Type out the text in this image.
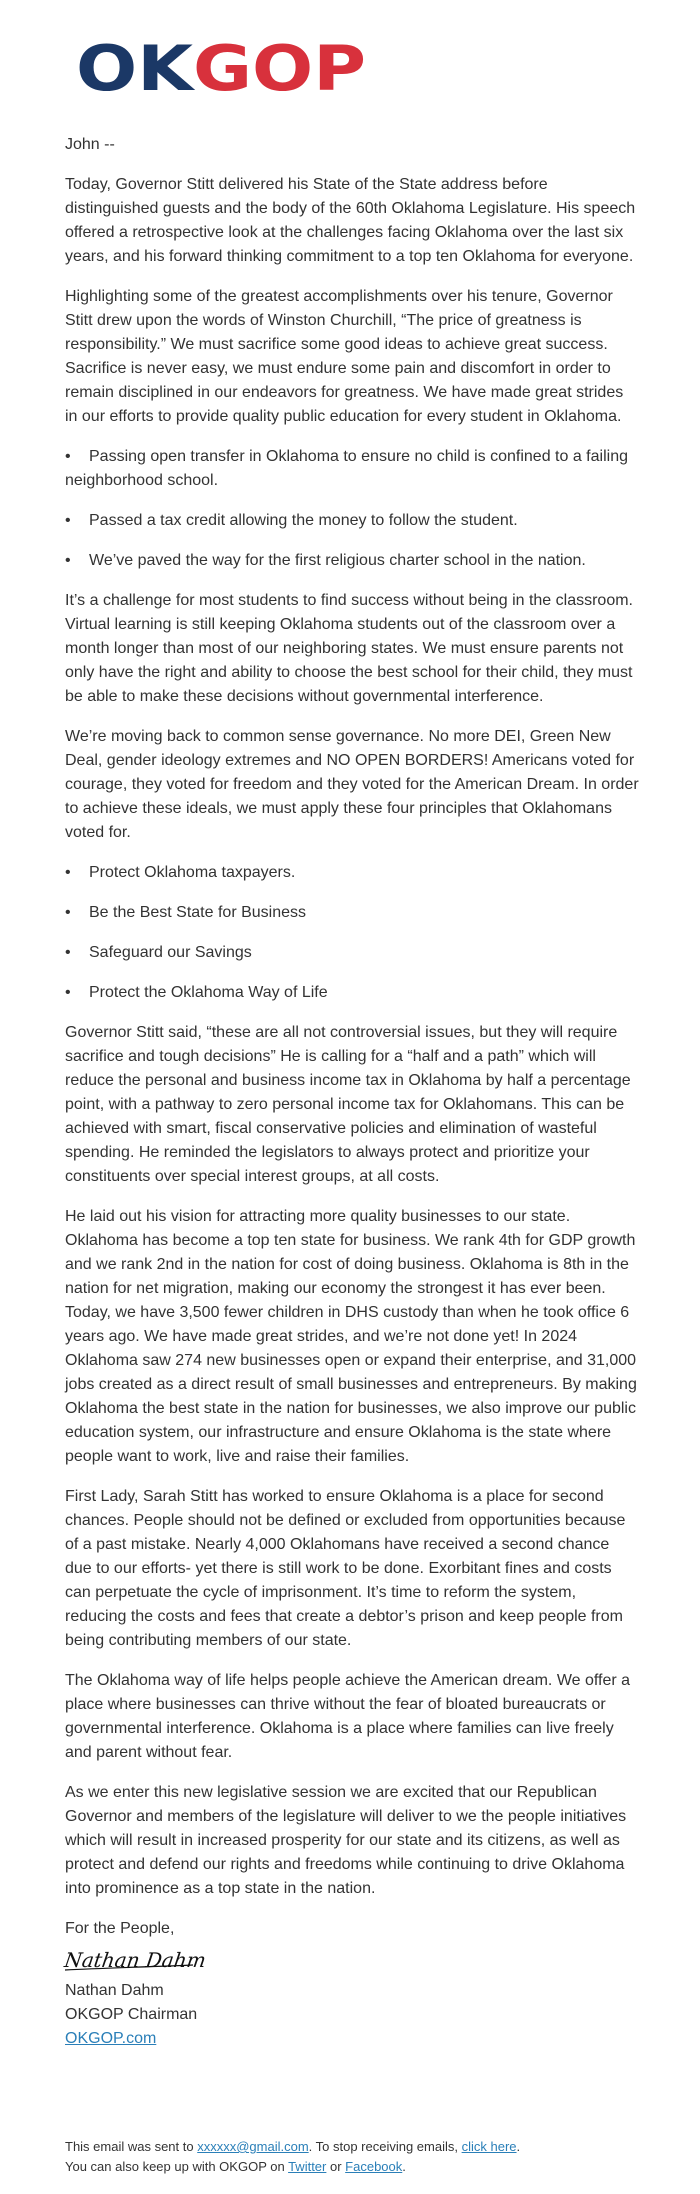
OK GOP

John --

Today, Governor Stitt delivered his State of the State address before distinguished guests and the body of the 60th Oklahoma Legislature. His speech offered a retrospective look at the challenges facing Oklahoma over the last six years, and his forward thinking commitment to a top ten Oklahoma for everyone.

Highlighting some of the greatest accomplishments over his tenure, Governor Stitt drew upon the words of Winston Churchill, “The price of greatness is responsibility.” We must sacrifice some good ideas to achieve great success. Sacrifice is never easy, we must endure some pain and discomfort in order to remain disciplined in our endeavors for greatness. We have made great strides in our efforts to provide quality public education for every student in Oklahoma.

• Passing open transfer in Oklahoma to ensure no child is confined to a failing neighborhood school.
• Passed a tax credit allowing the money to follow the student.
• We’ve paved the way for the first religious charter school in the nation.

It’s a challenge for most students to find success without being in the classroom. Virtual learning is still keeping Oklahoma students out of the classroom over a month longer than most of our neighboring states. We must ensure parents not only have the right and ability to choose the best school for their child, they must be able to make these decisions without governmental interference.

We’re moving back to common sense governance. No more DEI, Green New Deal, gender ideology extremes and NO OPEN BORDERS! Americans voted for courage, they voted for freedom and they voted for the American Dream. In order to achieve these ideals, we must apply these four principles that Oklahomans voted for.

• Protect Oklahoma taxpayers.
• Be the Best State for Business
• Safeguard our Savings
• Protect the Oklahoma Way of Life

Governor Stitt said, “these are all not controversial issues, but they will require sacrifice and tough decisions” He is calling for a “half and a path” which will reduce the personal and business income tax in Oklahoma by half a percentage point, with a pathway to zero personal income tax for Oklahomans. This can be achieved with smart, fiscal conservative policies and elimination of wasteful spending. He reminded the legislators to always protect and prioritize your constituents over special interest groups, at all costs.

He laid out his vision for attracting more quality businesses to our state. Oklahoma has become a top ten state for business. We rank 4th for GDP growth and we rank 2nd in the nation for cost of doing business. Oklahoma is 8th in the nation for net migration, making our economy the strongest it has ever been. Today, we have 3,500 fewer children in DHS custody than when he took office 6 years ago. We have made great strides, and we’re not done yet! In 2024 Oklahoma saw 274 new businesses open or expand their enterprise, and 31,000 jobs created as a direct result of small businesses and entrepreneurs. By making Oklahoma the best state in the nation for businesses, we also improve our public education system, our infrastructure and ensure Oklahoma is the state where people want to work, live and raise their families.

First Lady, Sarah Stitt has worked to ensure Oklahoma is a place for second chances. People should not be defined or excluded from opportunities because of a past mistake. Nearly 4,000 Oklahomans have received a second chance due to our efforts- yet there is still work to be done. Exorbitant fines and costs can perpetuate the cycle of imprisonment. It’s time to reform the system, reducing the costs and fees that create a debtor’s prison and keep people from being contributing members of our state.

The Oklahoma way of life helps people achieve the American dream. We offer a place where businesses can thrive without the fear of bloated bureaucrats or governmental interference. Oklahoma is a place where families can live freely and parent without fear.

As we enter this new legislative session we are excited that our Republican Governor and members of the legislature will deliver to we the people initiatives which will result in increased prosperity for our state and its citizens, as well as protect and defend our rights and freedoms while continuing to drive Oklahoma into prominence as a top state in the nation.

For the People,
Nathan Dahm
Nathan Dahm
OKGOP Chairman
OKGOP.com
This email was sent to xxxxxx@gmail.com. To stop receiving emails, click here.
You can also keep up with OKGOP on Twitter or Facebook.
